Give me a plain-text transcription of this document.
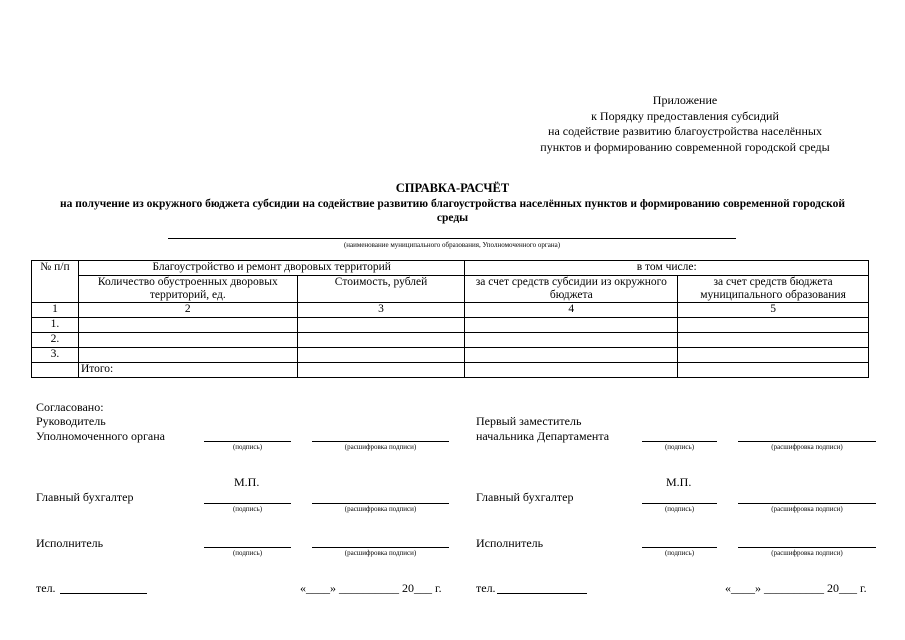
Приложение
к Порядку предоставления субсидий
на содействие развитию благоустройства населённых
пунктов и формированию современной городской среды
СПРАВКА-РАСЧЁТ
на получение из окружного бюджета субсидии на содействие развитию благоустройства населённых пунктов и формированию современной городской среды
(наименование муниципального образования, Уполномоченного органа)
№ п/п	Благоустройство и ремонт дворовых территорий		в том числе:	
	Количество обустроенных дворовых территорий, ед.	Стоимость, рублей	за счет средств субсидии из окружного бюджета	за счет средств бюджета муниципального образования
1	2	3	4	5
1.				
2.				
3.				
	Итого:			
Согласовано:
Руководитель
Уполномоченного органа
(подпись)	(расшифровка подписи)
М.П.
Главный бухгалтер
(подпись)	(расшифровка подписи)
Исполнитель
(подпись)	(расшифровка подписи)
тел.	«____» __________ 20___ г.
Первый заместитель
начальника Департамента
(подпись)	(расшифровка подписи)
М.П.
Главный бухгалтер
(подпись)	(расшифровка подписи)
Исполнитель
(подпись)	(расшифровка подписи)
тел.	«____» __________ 20___ г.
